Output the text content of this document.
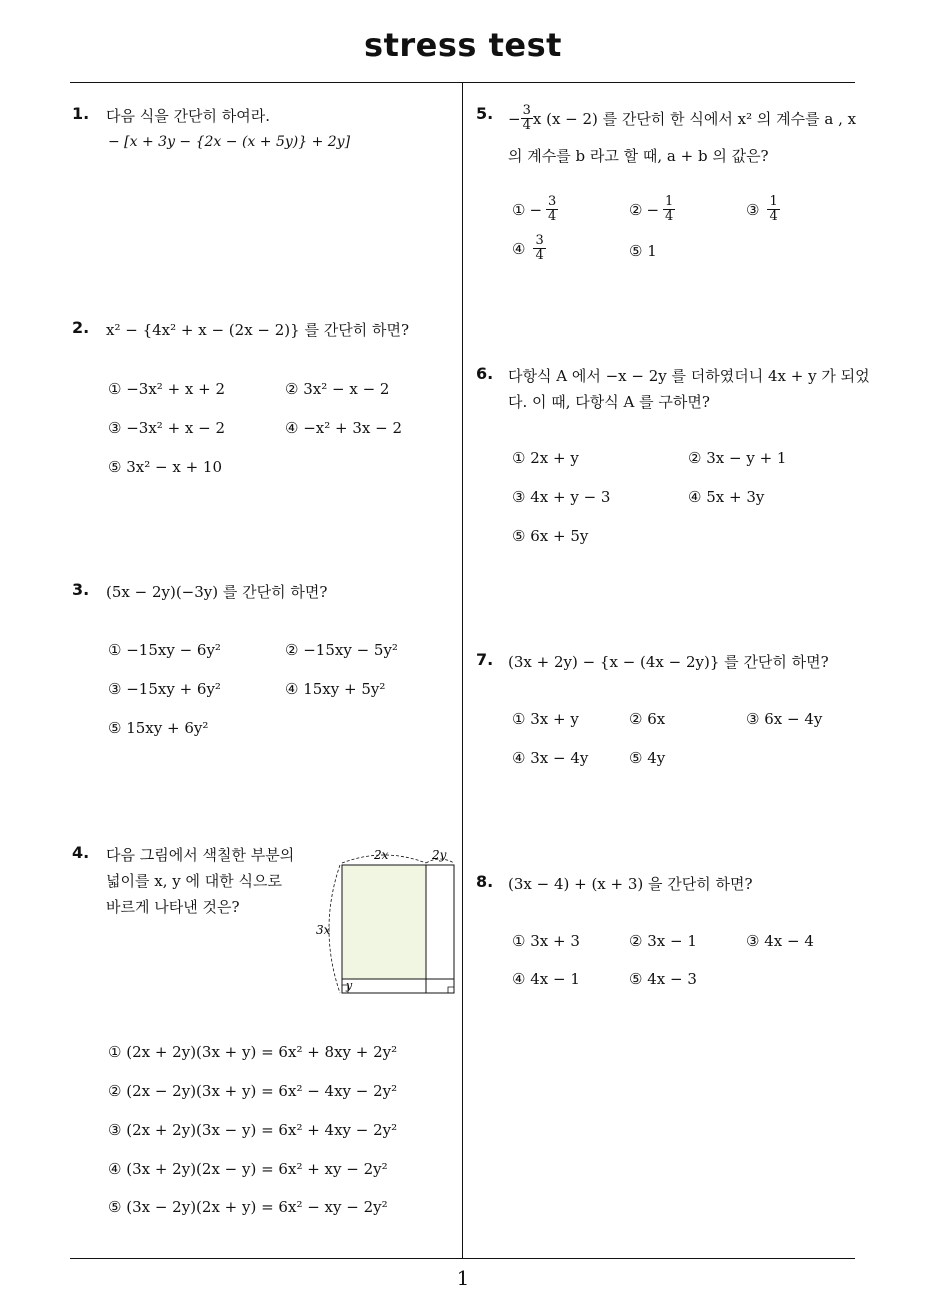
stress test
1
1. 다음 식을 간단히 하여라.
− [x + 3y − {2x − (x + 5y)} + 2y]
2. x² − {4x² + x − (2x − 2)} 를 간단히 하면?
① −3x² + x + 2	② 3x² − x − 2
③ −3x² + x − 2	④ −x² + 3x − 2
⑤ 3x² − x + 10
3. (5x − 2y)(−3y) 를 간단히 하면?
① −15xy − 6y²	② −15xy − 5y²
③ −15xy + 6y²	④ 15xy + 5y²
⑤ 15xy + 6y²
4. 다음 그림에서 색칠한 부분의
넓이를 x, y 에 대한 식으로
바르게 나타낸 것은?
2x	2y
3x
y
① (2x + 2y)(3x + y) = 6x² + 8xy + 2y²
② (2x − 2y)(3x + y) = 6x² − 4xy − 2y²
③ (2x + 2y)(3x − y) = 6x² + 4xy − 2y²
④ (3x + 2y)(2x − y) = 6x² + xy − 2y²
⑤ (3x − 2y)(2x + y) = 6x² − xy − 2y²
5. − $\frac{3}{4}$ x (x − 2) 를 간단히 한 식에서 x² 의 계수를 a , x
의 계수를 b 라고 할 때, a + b 의 값은?
① − $\frac{3}{4}$	② − $\frac{1}{4}$	③ $\frac{1}{4}$
④ $\frac{3}{4}$	⑤ 1
6. 다항식 A 에서 −x − 2y 를 더하였더니 4x + y 가 되었
다. 이 때, 다항식 A 를 구하면?
① 2x + y	② 3x − y + 1
③ 4x + y − 3	④ 5x + 3y
⑤ 6x + 5y
7. (3x + 2y) − {x − (4x − 2y)} 를 간단히 하면?
① 3x + y	② 6x	③ 6x − 4y
④ 3x − 4y	⑤ 4y
8. (3x − 4) + (x + 3) 을 간단히 하면?
① 3x + 3	② 3x − 1	③ 4x − 4
④ 4x − 1	⑤ 4x − 3
